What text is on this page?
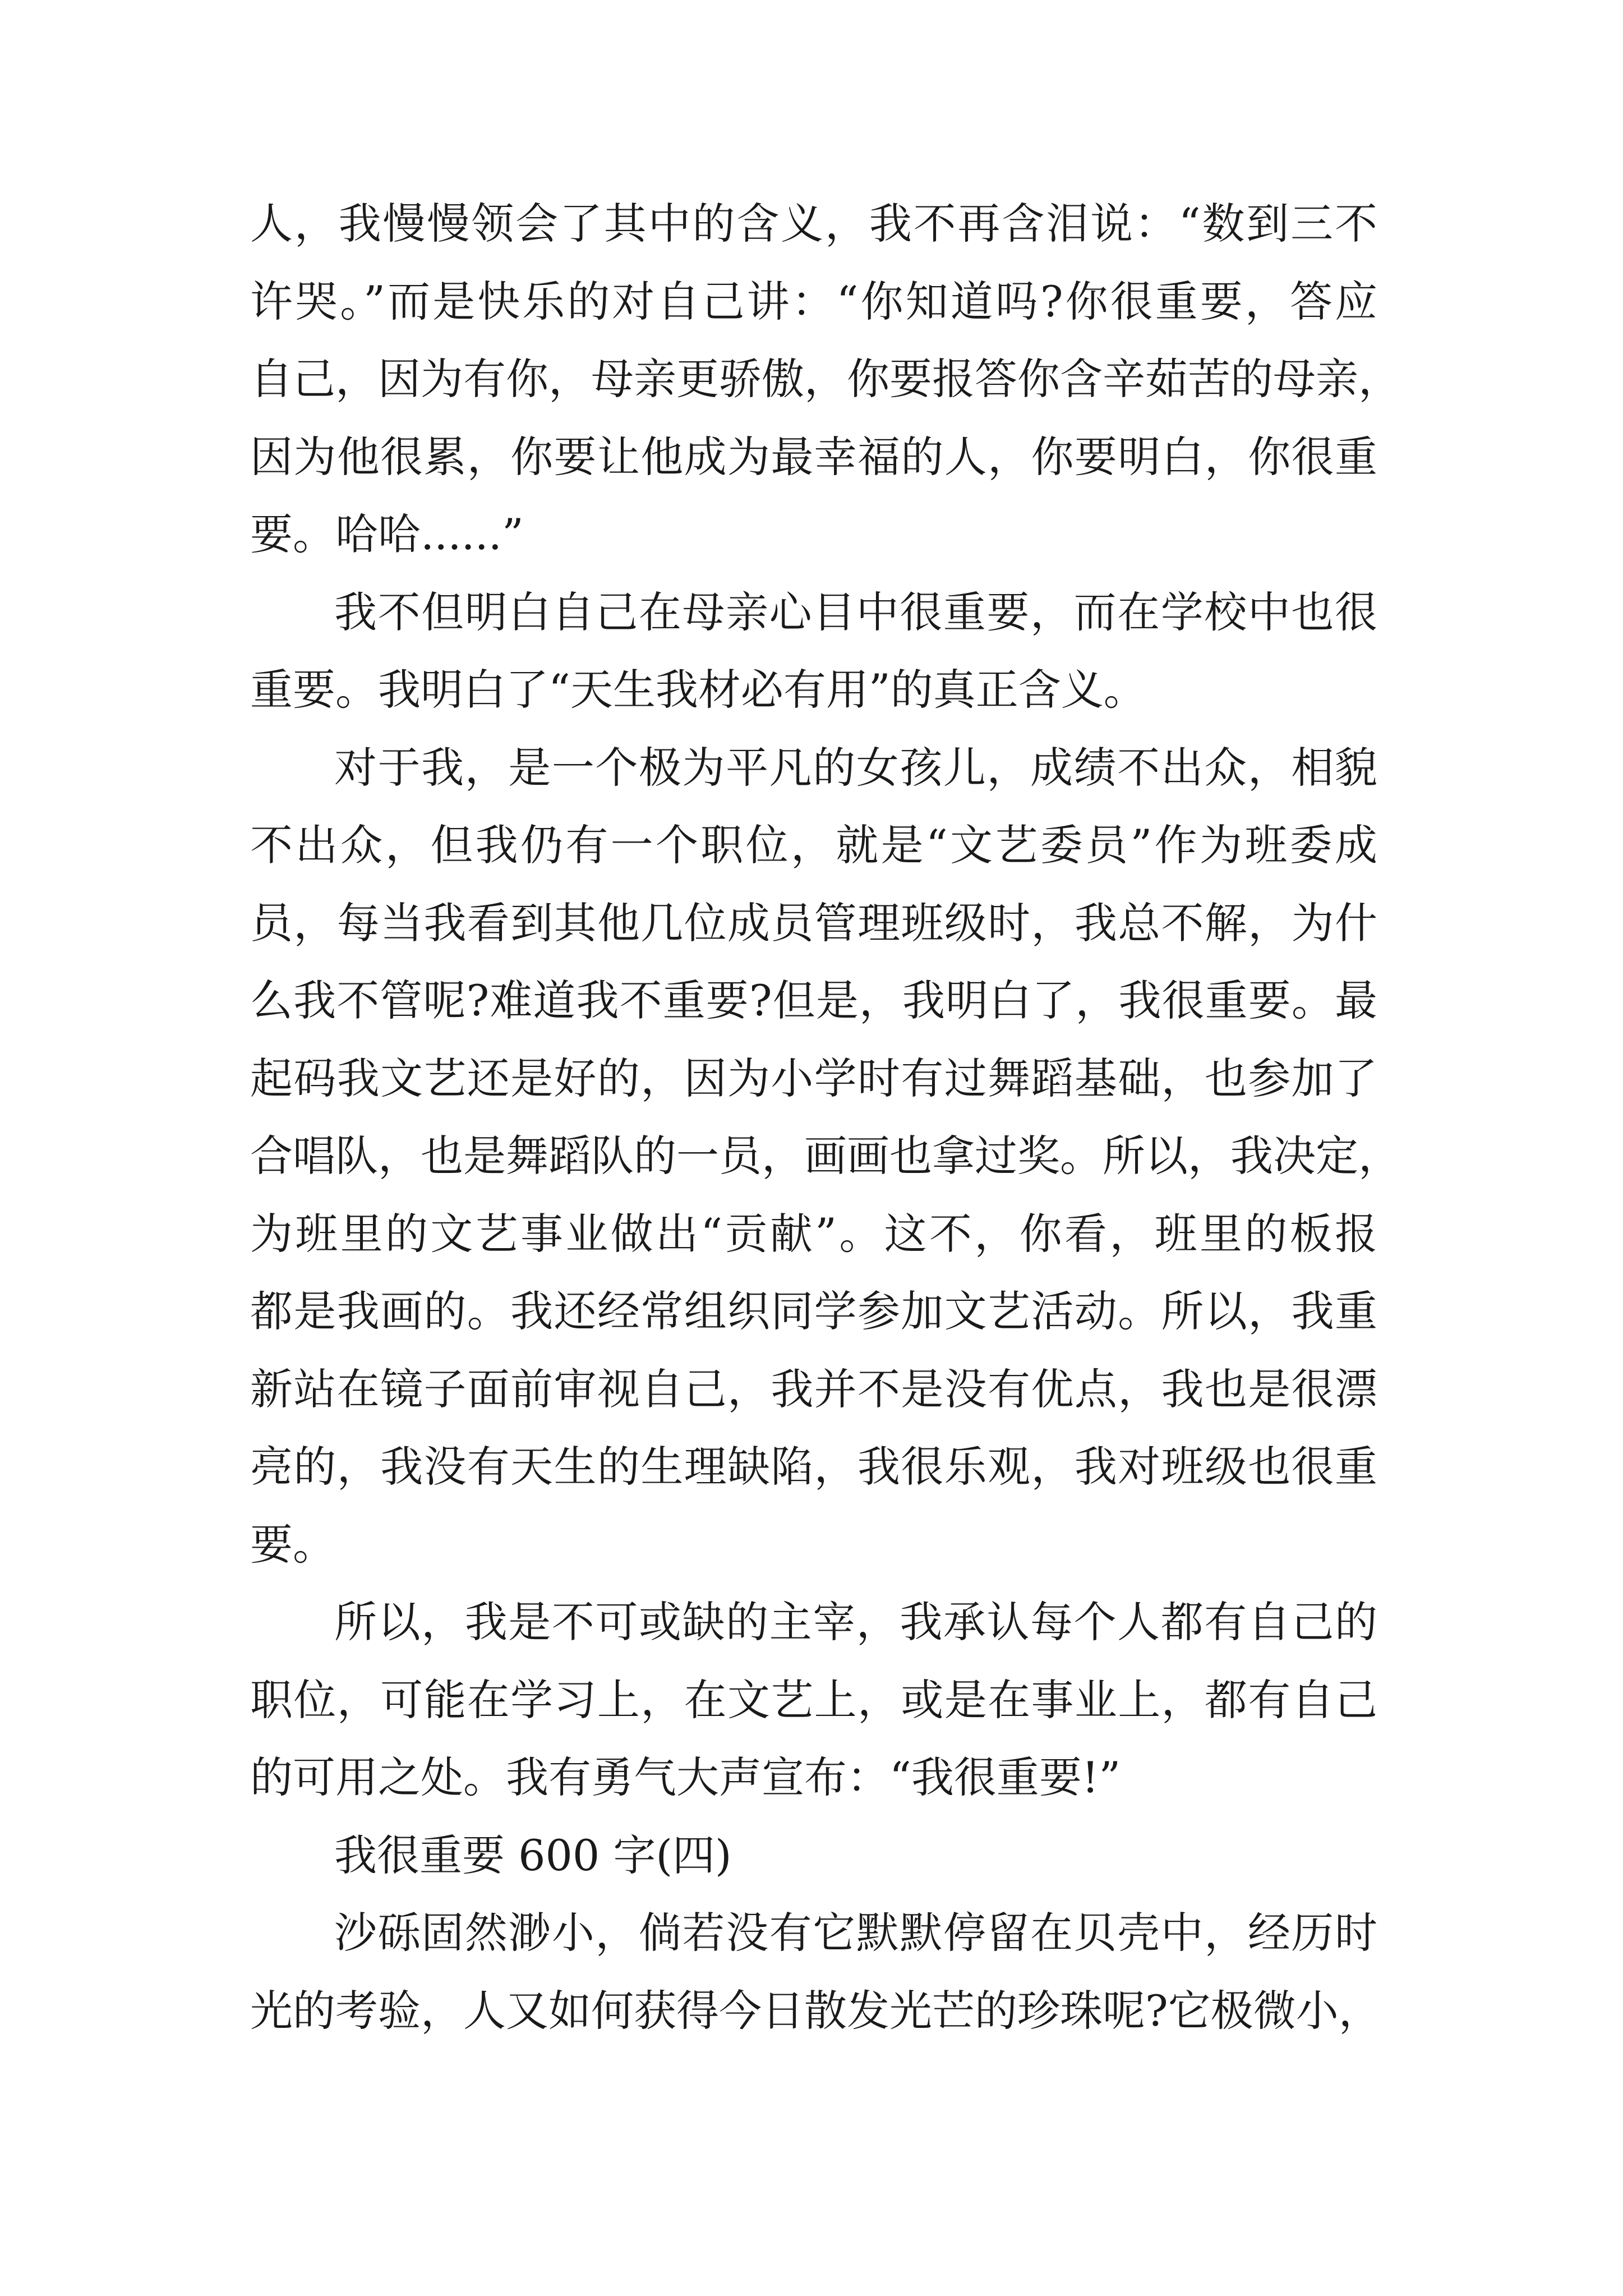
人，我慢慢领会了其中的含义，我不再含泪说：“数到三不
许哭。”而是快乐的对自己讲：“你知道吗?你很重要，答应
自己，因为有你，母亲更骄傲，你要报答你含辛茹苦的母亲，
因为他很累，你要让他成为最幸福的人，你要明白，你很重
要。哈哈......”
我不但明白自己在母亲心目中很重要，而在学校中也很
重要。我明白了“天生我材必有用”的真正含义。
对于我，是一个极为平凡的女孩儿，成绩不出众，相貌
不出众，但我仍有一个职位，就是“文艺委员”作为班委成
员，每当我看到其他几位成员管理班级时，我总不解，为什
么我不管呢?难道我不重要?但是，我明白了，我很重要。最
起码我文艺还是好的，因为小学时有过舞蹈基础，也参加了
合唱队，也是舞蹈队的一员，画画也拿过奖。所以，我决定，
为班里的文艺事业做出“贡献”。这不，你看，班里的板报
都是我画的。我还经常组织同学参加文艺活动。所以，我重
新站在镜子面前审视自己，我并不是没有优点，我也是很漂
亮的，我没有天生的生理缺陷，我很乐观，我对班级也很重
要。
所以，我是不可或缺的主宰，我承认每个人都有自己的
职位，可能在学习上，在文艺上，或是在事业上，都有自己
的可用之处。我有勇气大声宣布：“我很重要!”
我很重要 600 字(四)
沙砾固然渺小，倘若没有它默默停留在贝壳中，经历时
光的考验，人又如何获得今日散发光芒的珍珠呢?它极微小，
